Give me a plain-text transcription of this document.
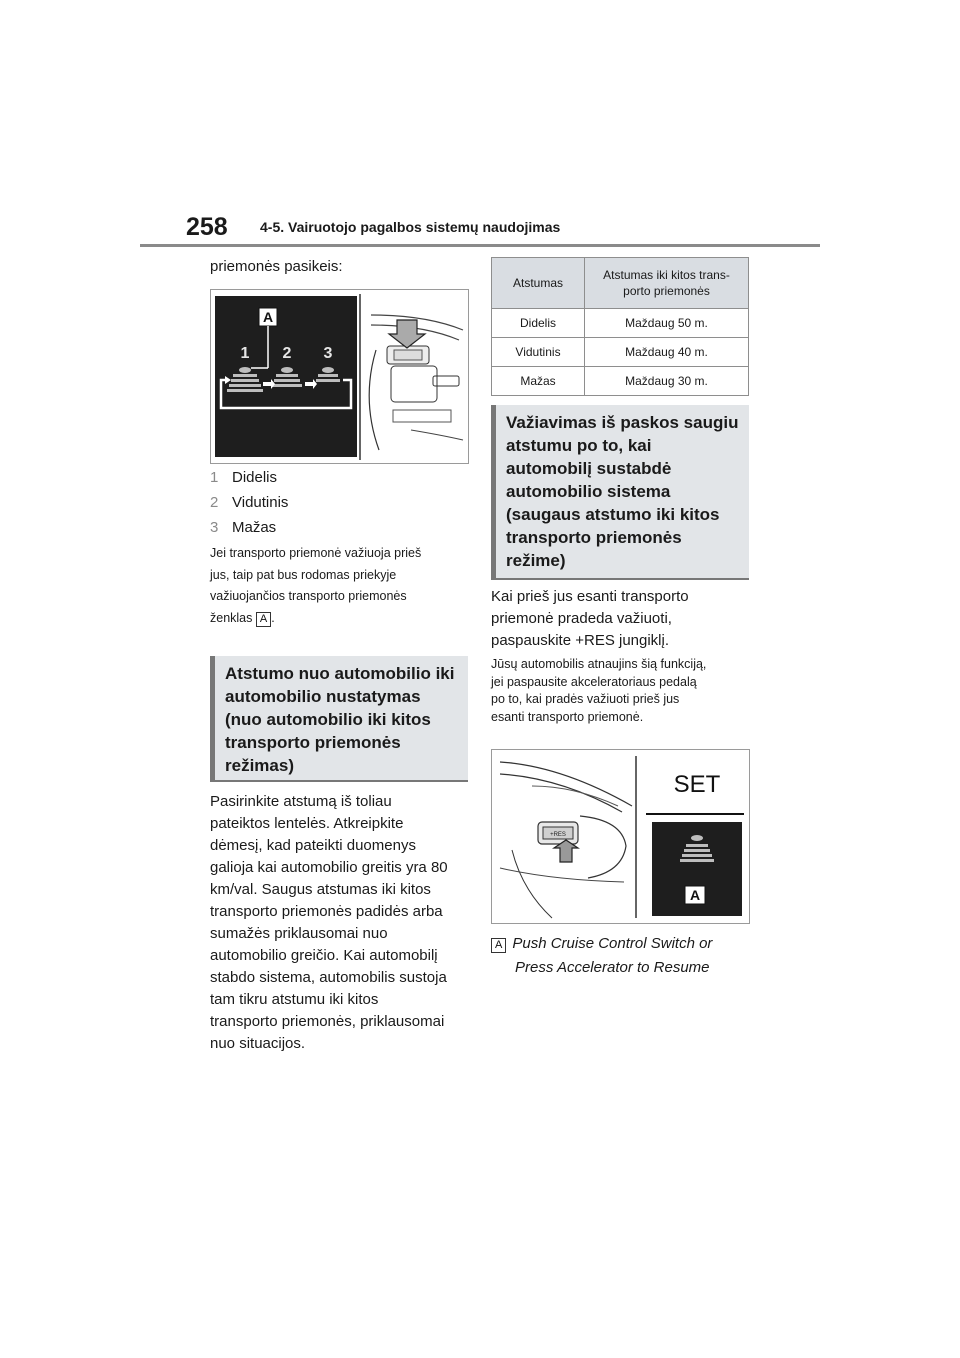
258 4-5. Vairuotojo pagalbos sistemų naudojimas
priemonės pasikeis:
A
1 2 3
1 Didelis
2 Vidutinis
3 Mažas
Jei transporto priemonė važiuoja prieš
jus, taip pat bus rodomas priekyje
važiuojančios transporto priemonės
ženklas A .
Atstumo nuo automobilio iki automobilio nustatymas (nuo automobilio iki kitos transporto priemonės režimas)
Pasirinkite atstumą iš toliau
pateiktos lentelės. Atkreipkite
dėmesį, kad pateikti duomenys
galioja kai automobilio greitis yra 80
km/val. Saugus atstumas iki kitos
transporto priemonės padidės arba
sumažės priklausomai nuo
automobilio greičio. Kai automobilį
stabdo sistema, automobilis sustoja
tam tikru atstumu iki kitos
transporto priemonės, priklausomai
nuo situacijos.
Atstumas	Atstumas iki kitos trans-
porto priemonės

Didelis	Maždaug 50 m.
Vidutinis	Maždaug 40 m.
Mažas	Maždaug 30 m.
Važiavimas iš paskos saugiu atstumu po to, kai automobilį sustabdė automobilio sistema (saugaus atstumo iki kitos transporto priemonės režime)
Kai prieš jus esanti transporto
priemonė pradeda važiuoti,
paspauskite +RES jungiklį.
Jūsų automobilis atnaujins šią funkciją,
jei paspausite akceleratoriaus pedalą
po to, kai pradės važiuoti prieš jus
esanti transporto priemonė.
+RES
SET
A
A Push Cruise Control Switch or
Press Accelerator to Resume
